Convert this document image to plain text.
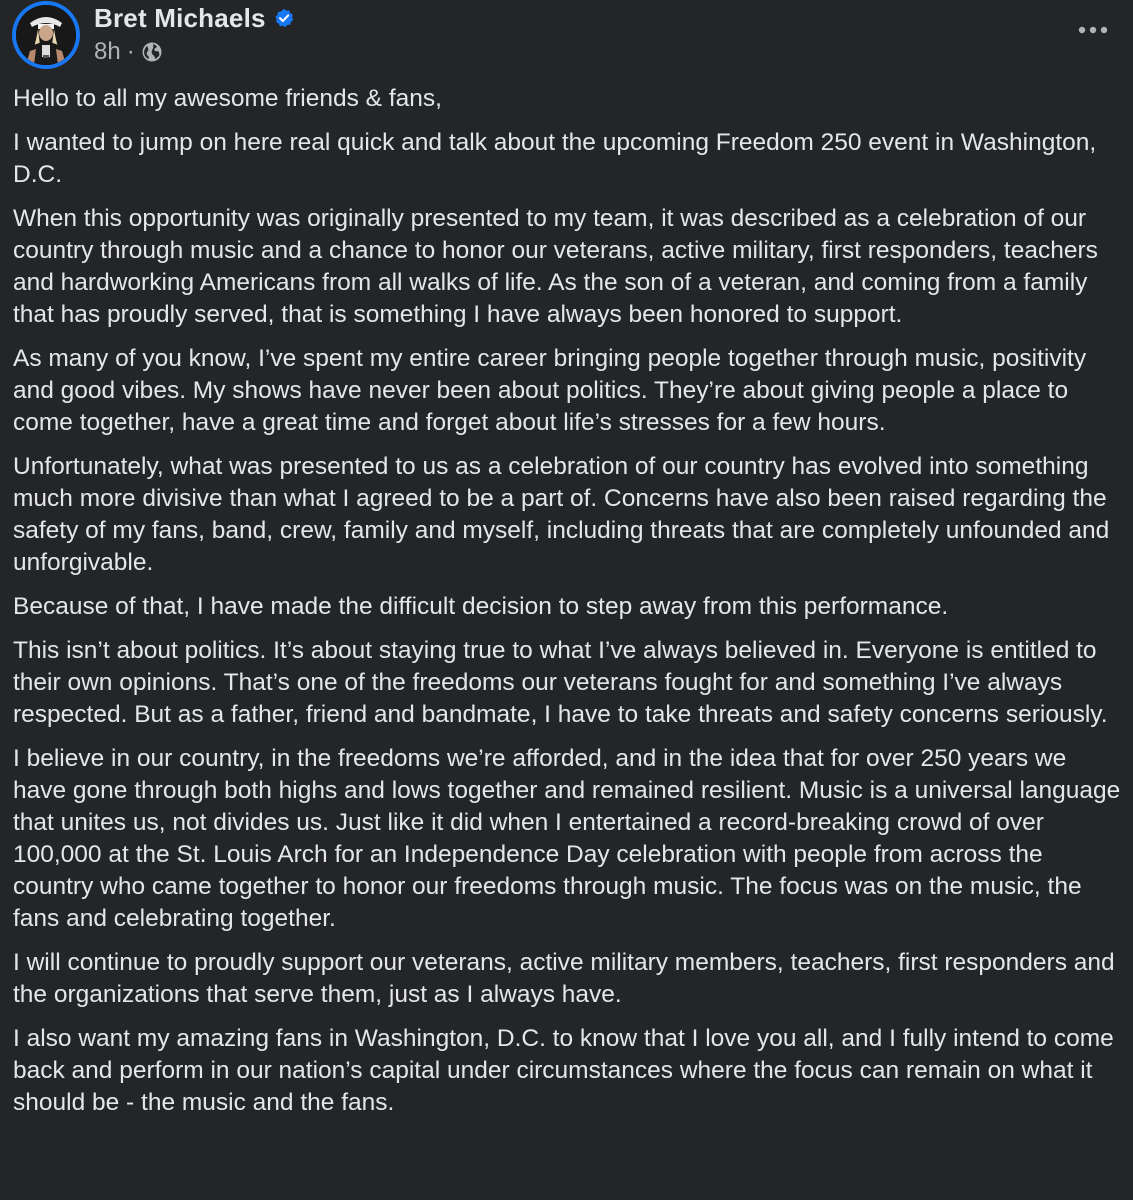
Bret Michaels
8h ·

Hello to all my awesome friends & fans,

I wanted to jump on here real quick and talk about the upcoming Freedom 250 event in Washington, D.C.

When this opportunity was originally presented to my team, it was described as a celebration of our country through music and a chance to honor our veterans, active military, first responders, teachers and hardworking Americans from all walks of life. As the son of a veteran, and coming from a family that has proudly served, that is something I have always been honored to support.

As many of you know, I’ve spent my entire career bringing people together through music, positivity and good vibes. My shows have never been about politics. They’re about giving people a place to come together, have a great time and forget about life’s stresses for a few hours.

Unfortunately, what was presented to us as a celebration of our country has evolved into something much more divisive than what I agreed to be a part of. Concerns have also been raised regarding the safety of my fans, band, crew, family and myself, including threats that are completely unfounded and unforgivable.

Because of that, I have made the difficult decision to step away from this performance.

This isn’t about politics. It’s about staying true to what I’ve always believed in. Everyone is entitled to their own opinions. That’s one of the freedoms our veterans fought for and something I’ve always respected. But as a father, friend and bandmate, I have to take threats and safety concerns seriously.

I believe in our country, in the freedoms we’re afforded, and in the idea that for over 250 years we have gone through both highs and lows together and remained resilient. Music is a universal language that unites us, not divides us. Just like it did when I entertained a record-breaking crowd of over 100,000 at the St. Louis Arch for an Independence Day celebration with people from across the country who came together to honor our freedoms through music. The focus was on the music, the fans and celebrating together.

I will continue to proudly support our veterans, active military members, teachers, first responders and the organizations that serve them, just as I always have.

I also want my amazing fans in Washington, D.C. to know that I love you all, and I fully intend to come back and perform in our nation’s capital under circumstances where the focus can remain on what it should be - the music and the fans.
